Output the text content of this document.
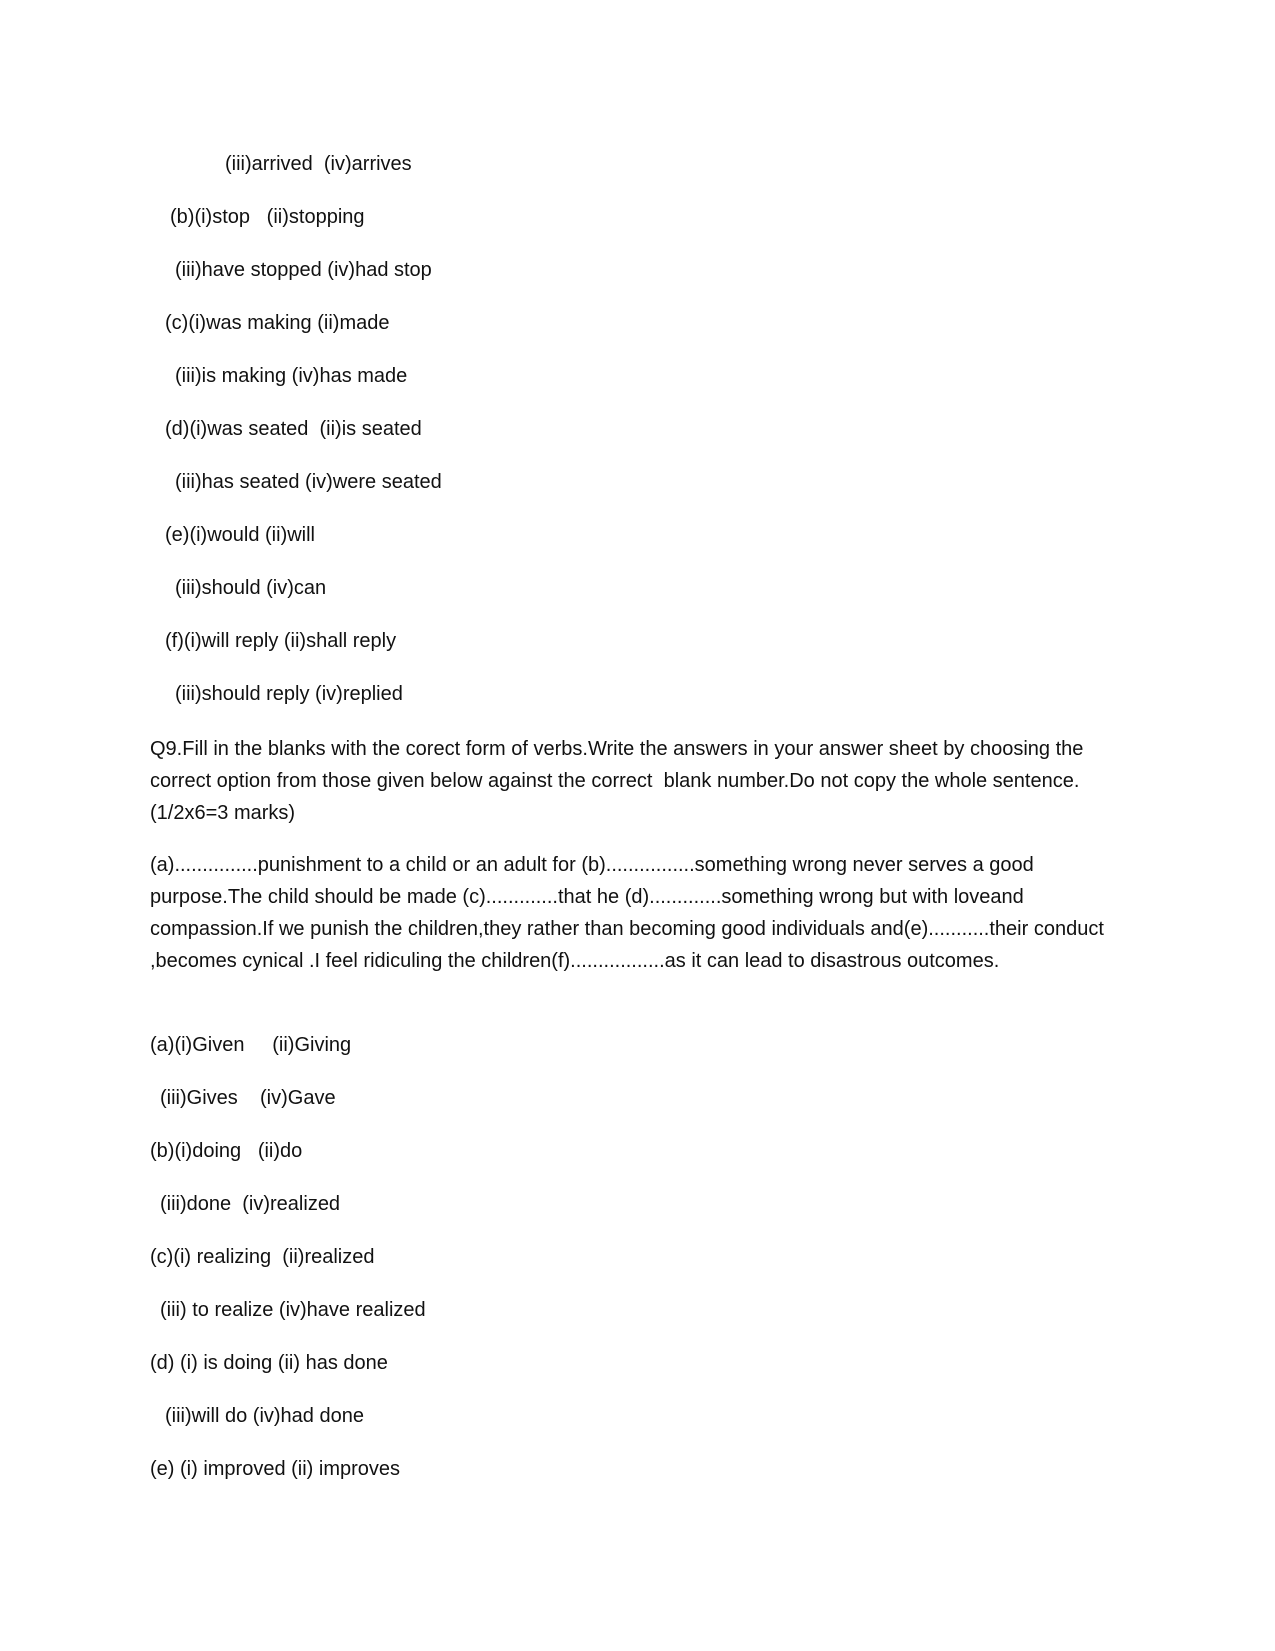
(iii)arrived  (iv)arrives
(b)(i)stop   (ii)stopping
(iii)have stopped (iv)had stop
(c)(i)was making (ii)made
(iii)is making (iv)has made
(d)(i)was seated  (ii)is seated
(iii)has seated (iv)were seated
(e)(i)would (ii)will
(iii)should (iv)can
(f)(i)will reply (ii)shall reply
(iii)should reply (iv)replied

Q9.Fill in the blanks with the corect form of verbs.Write the answers in your answer sheet by choosing the  correct option from those given below against the correct  blank number.Do not copy the whole sentence.                  (1/2x6=3 marks)

(a)...............punishment to a child or an adult for (b)................something wrong never serves a good purpose.The child should be made (c).............that he (d).............something wrong but with loveand compassion.If we punish the children,they rather than becoming good individuals and(e)...........their conduct ,becomes cynical .I feel ridiculing the children(f).................as it can lead to disastrous outcomes.

(a)(i)Given     (ii)Giving
(iii)Gives    (iv)Gave
(b)(i)doing   (ii)do
(iii)done  (iv)realized
(c)(i) realizing  (ii)realized
(iii) to realize (iv)have realized
(d) (i) is doing (ii) has done
(iii)will do (iv)had done
(e) (i) improved (ii) improves
